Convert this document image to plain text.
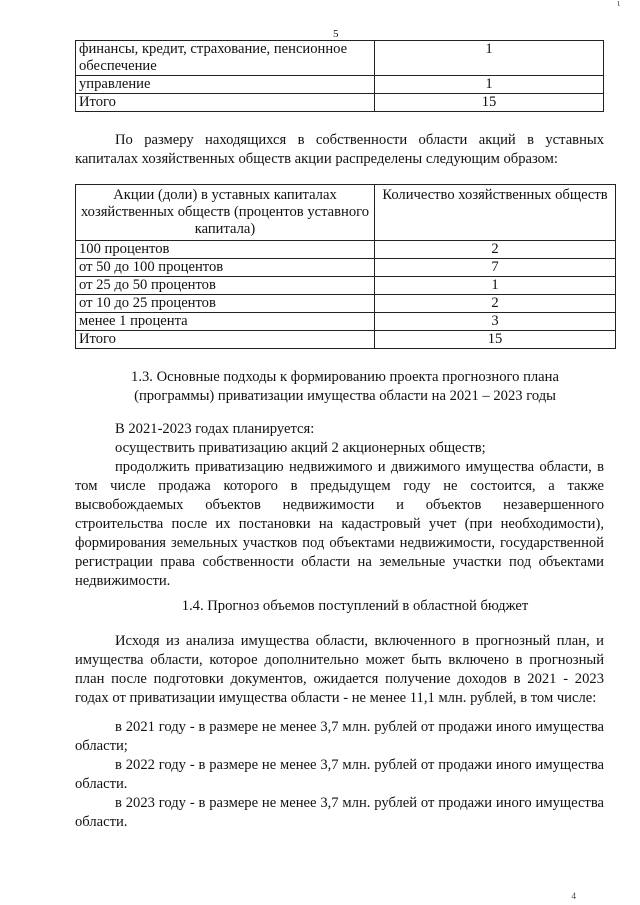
ι
5
финансы, кредит, страхование, пенсионное обеспечение	1
управление	1
Итого	15

По размеру находящихся в собственности области акций в уставных капиталах хозяйственных обществ акции распределены следующим образом:

Акции (доли) в уставных капиталах хозяйственных обществ (процентов уставного капитала)	Количество хозяйственных обществ
100 процентов	2
от 50 до 100 процентов	7
от 25 до 50 процентов	1
от 10 до 25 процентов	2
менее 1 процента	3
Итого	15

1.3. Основные подходы к формированию проекта прогнозного плана (программы) приватизации имущества области на 2021 – 2023 годы

В 2021-2023 годах планируется:

осуществить приватизацию акций 2 акционерных обществ;

продолжить приватизацию недвижимого и движимого имущества области, в том числе продажа которого в предыдущем году не состоится, а также высвобождаемых объектов недвижимости и объектов незавершенного строительства после их постановки на кадастровый учет (при необходимости), формирования земельных участков под объектами недвижимости, государственной регистрации права собственности области на земельные участки под объектами недвижимости.

1.4. Прогноз объемов поступлений в областной бюджет

Исходя из анализа имущества области, включенного в прогнозный план, и имущества области, которое дополнительно может быть включено в прогнозный план после подготовки документов, ожидается получение доходов в 2021 - 2023 годах от приватизации имущества области - не менее 11,1 млн. рублей, в том числе:

в 2021 году - в размере не менее 3,7 млн. рублей от продажи иного имущества области;

в 2022 году - в размере не менее 3,7 млн. рублей от продажи иного имущества области.

в 2023 году - в размере не менее 3,7 млн. рублей от продажи иного имущества области.

4
